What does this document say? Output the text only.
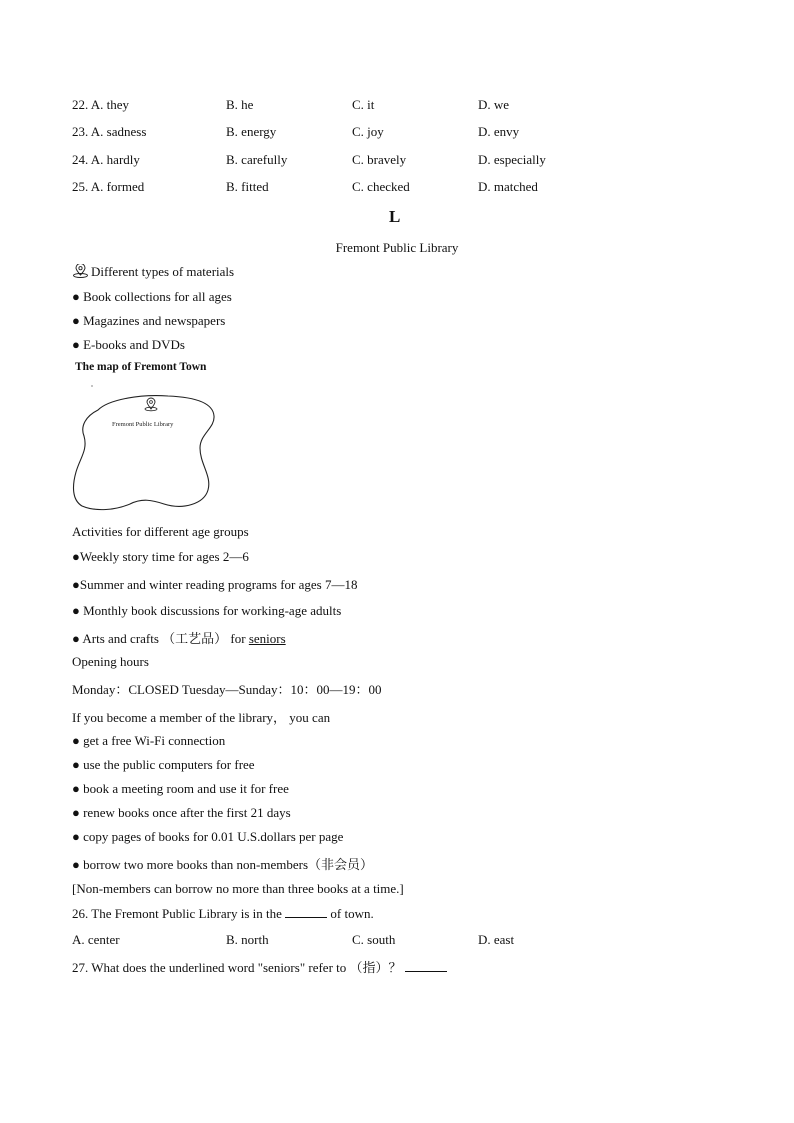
22. A. they	B. he	C. it	D. we
23. A. sadness	B. energy	C. joy	D. envy
24. A. hardly	B. carefully	C. bravely	D. especially
25. A. formed	B. fitted	C. checked	D. matched
L
Fremont Public Library
Different types of materials
● Book collections for all ages
● Magazines and newspapers
● E-books and DVDs
The map of Fremont Town
Fremont Public Library
Activities for different age groups
●Weekly story time for ages 2—6
●Summer and winter reading programs for ages 7—18
● Monthly book discussions for working-age adults
● Arts and crafts （工艺品） for seniors
Opening hours
Monday：CLOSED Tuesday—Sunday：10：00—19：00
If you become a member of the library， you can
● get a free Wi-Fi connection
● use the public computers for free
● book a meeting room and use it for free
● renew books once after the first 21 days
● copy pages of books for 0.01 U.S.dollars per page
● borrow two more books than non-members（非会员）
[Non-members can borrow no more than three books at a time.]
26. The Fremont Public Library is in the	of town.
A. center	B. north	C. south	D. east
27. What does the underlined word "seniors" refer to （指）？
